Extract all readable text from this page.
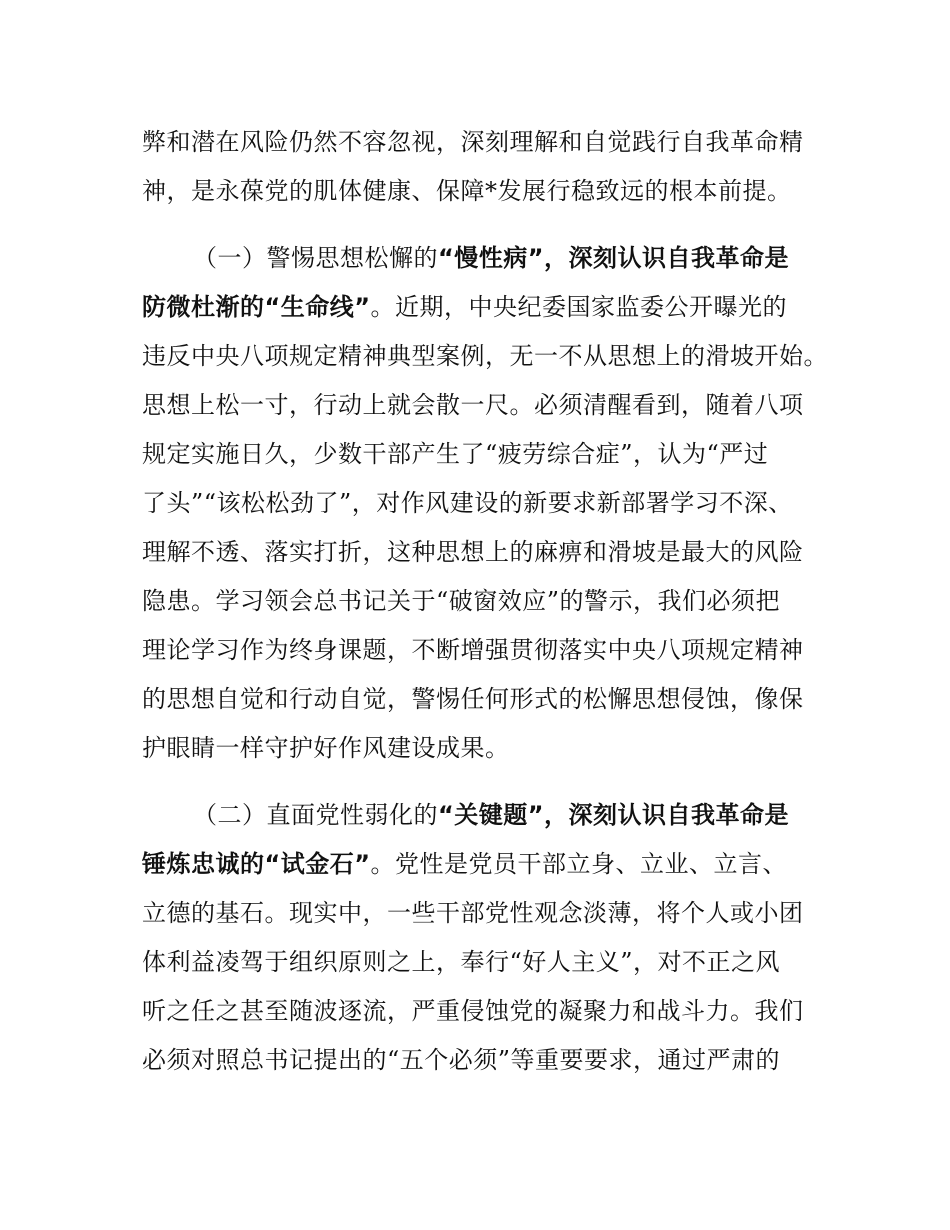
弊和潜在风险仍然不容忽视，深刻理解和自觉践行自我革命精
神，是永葆党的肌体健康、保障*发展行稳致远的根本前提。
（一）警惕思想松懈的“慢性病”，深刻认识自我革命是
防微杜渐的“生命线”。近期，中央纪委国家监委公开曝光的
违反中央八项规定精神典型案例，无一不从思想上的滑坡开始。
思想上松一寸，行动上就会散一尺。必须清醒看到，随着八项
规定实施日久，少数干部产生了“疲劳综合症”，认为“严过
了头”“该松松劲了”，对作风建设的新要求新部署学习不深、
理解不透、落实打折，这种思想上的麻痹和滑坡是最大的风险
隐患。学习领会总书记关于“破窗效应”的警示，我们必须把
理论学习作为终身课题，不断增强贯彻落实中央八项规定精神
的思想自觉和行动自觉，警惕任何形式的松懈思想侵蚀，像保
护眼睛一样守护好作风建设成果。
（二）直面党性弱化的“关键题”，深刻认识自我革命是
锤炼忠诚的“试金石”。党性是党员干部立身、立业、立言、
立德的基石。现实中，一些干部党性观念淡薄，将个人或小团
体利益凌驾于组织原则之上，奉行“好人主义”，对不正之风
听之任之甚至随波逐流，严重侵蚀党的凝聚力和战斗力。我们
必须对照总书记提出的“五个必须”等重要要求，通过严肃的
